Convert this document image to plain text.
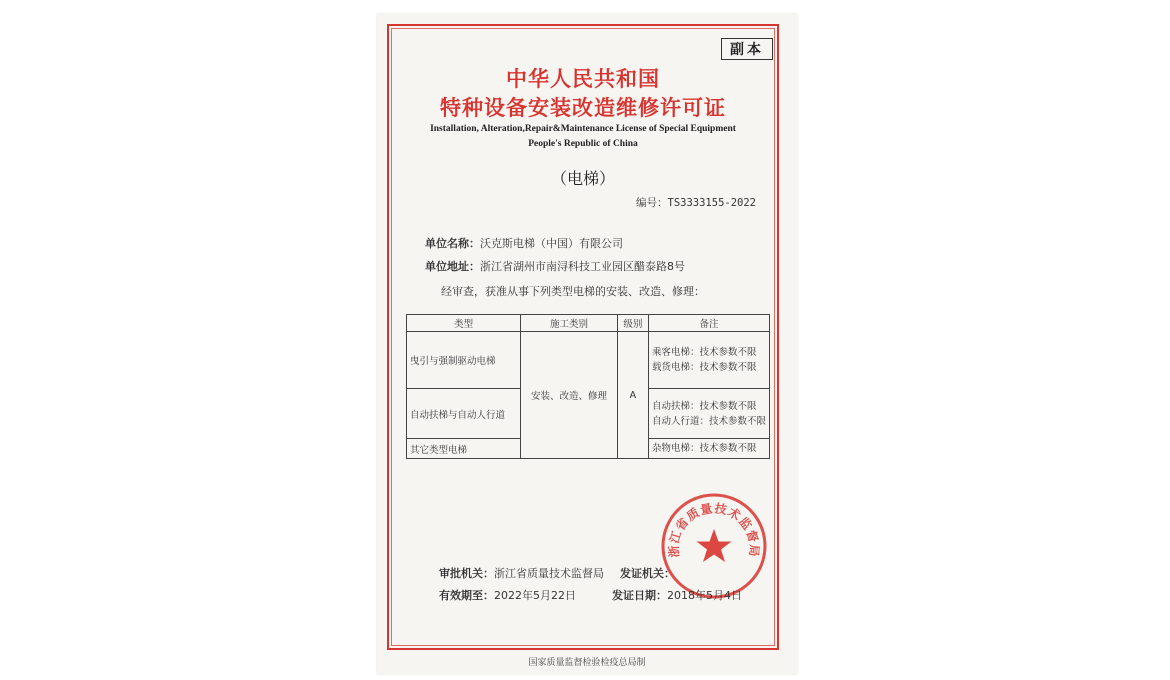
副本
中华人民共和国
特种设备安装改造维修许可证
Installation, Alteration,Repair&Maintenance License of Special Equipment
People's Republic of China
（电梯）
编号：TS3333155-2022
单位名称：沃克斯电梯（中国）有限公司
单位地址：浙江省湖州市南浔科技工业园区醋泰路8号
经审查，获准从事下列类型电梯的安装、改造、修理：
类型	施工类别	级别	备注
曳引与强制驱动电梯	安装、改造、修理	A	乘客电梯：技术参数不限
载货电梯：技术参数不限

自动扶梯与自动人行道			自动扶梯：技术参数不限
自动人行道：技术参数不限

其它类型电梯			杂物电梯：技术参数不限
浙江省质量技术监督局
审批机关：浙江省质量技术监督局 发证机关：
有效期至：2022年5月22日	发证日期：2018年5月4日
国家质量监督检验检疫总局制
